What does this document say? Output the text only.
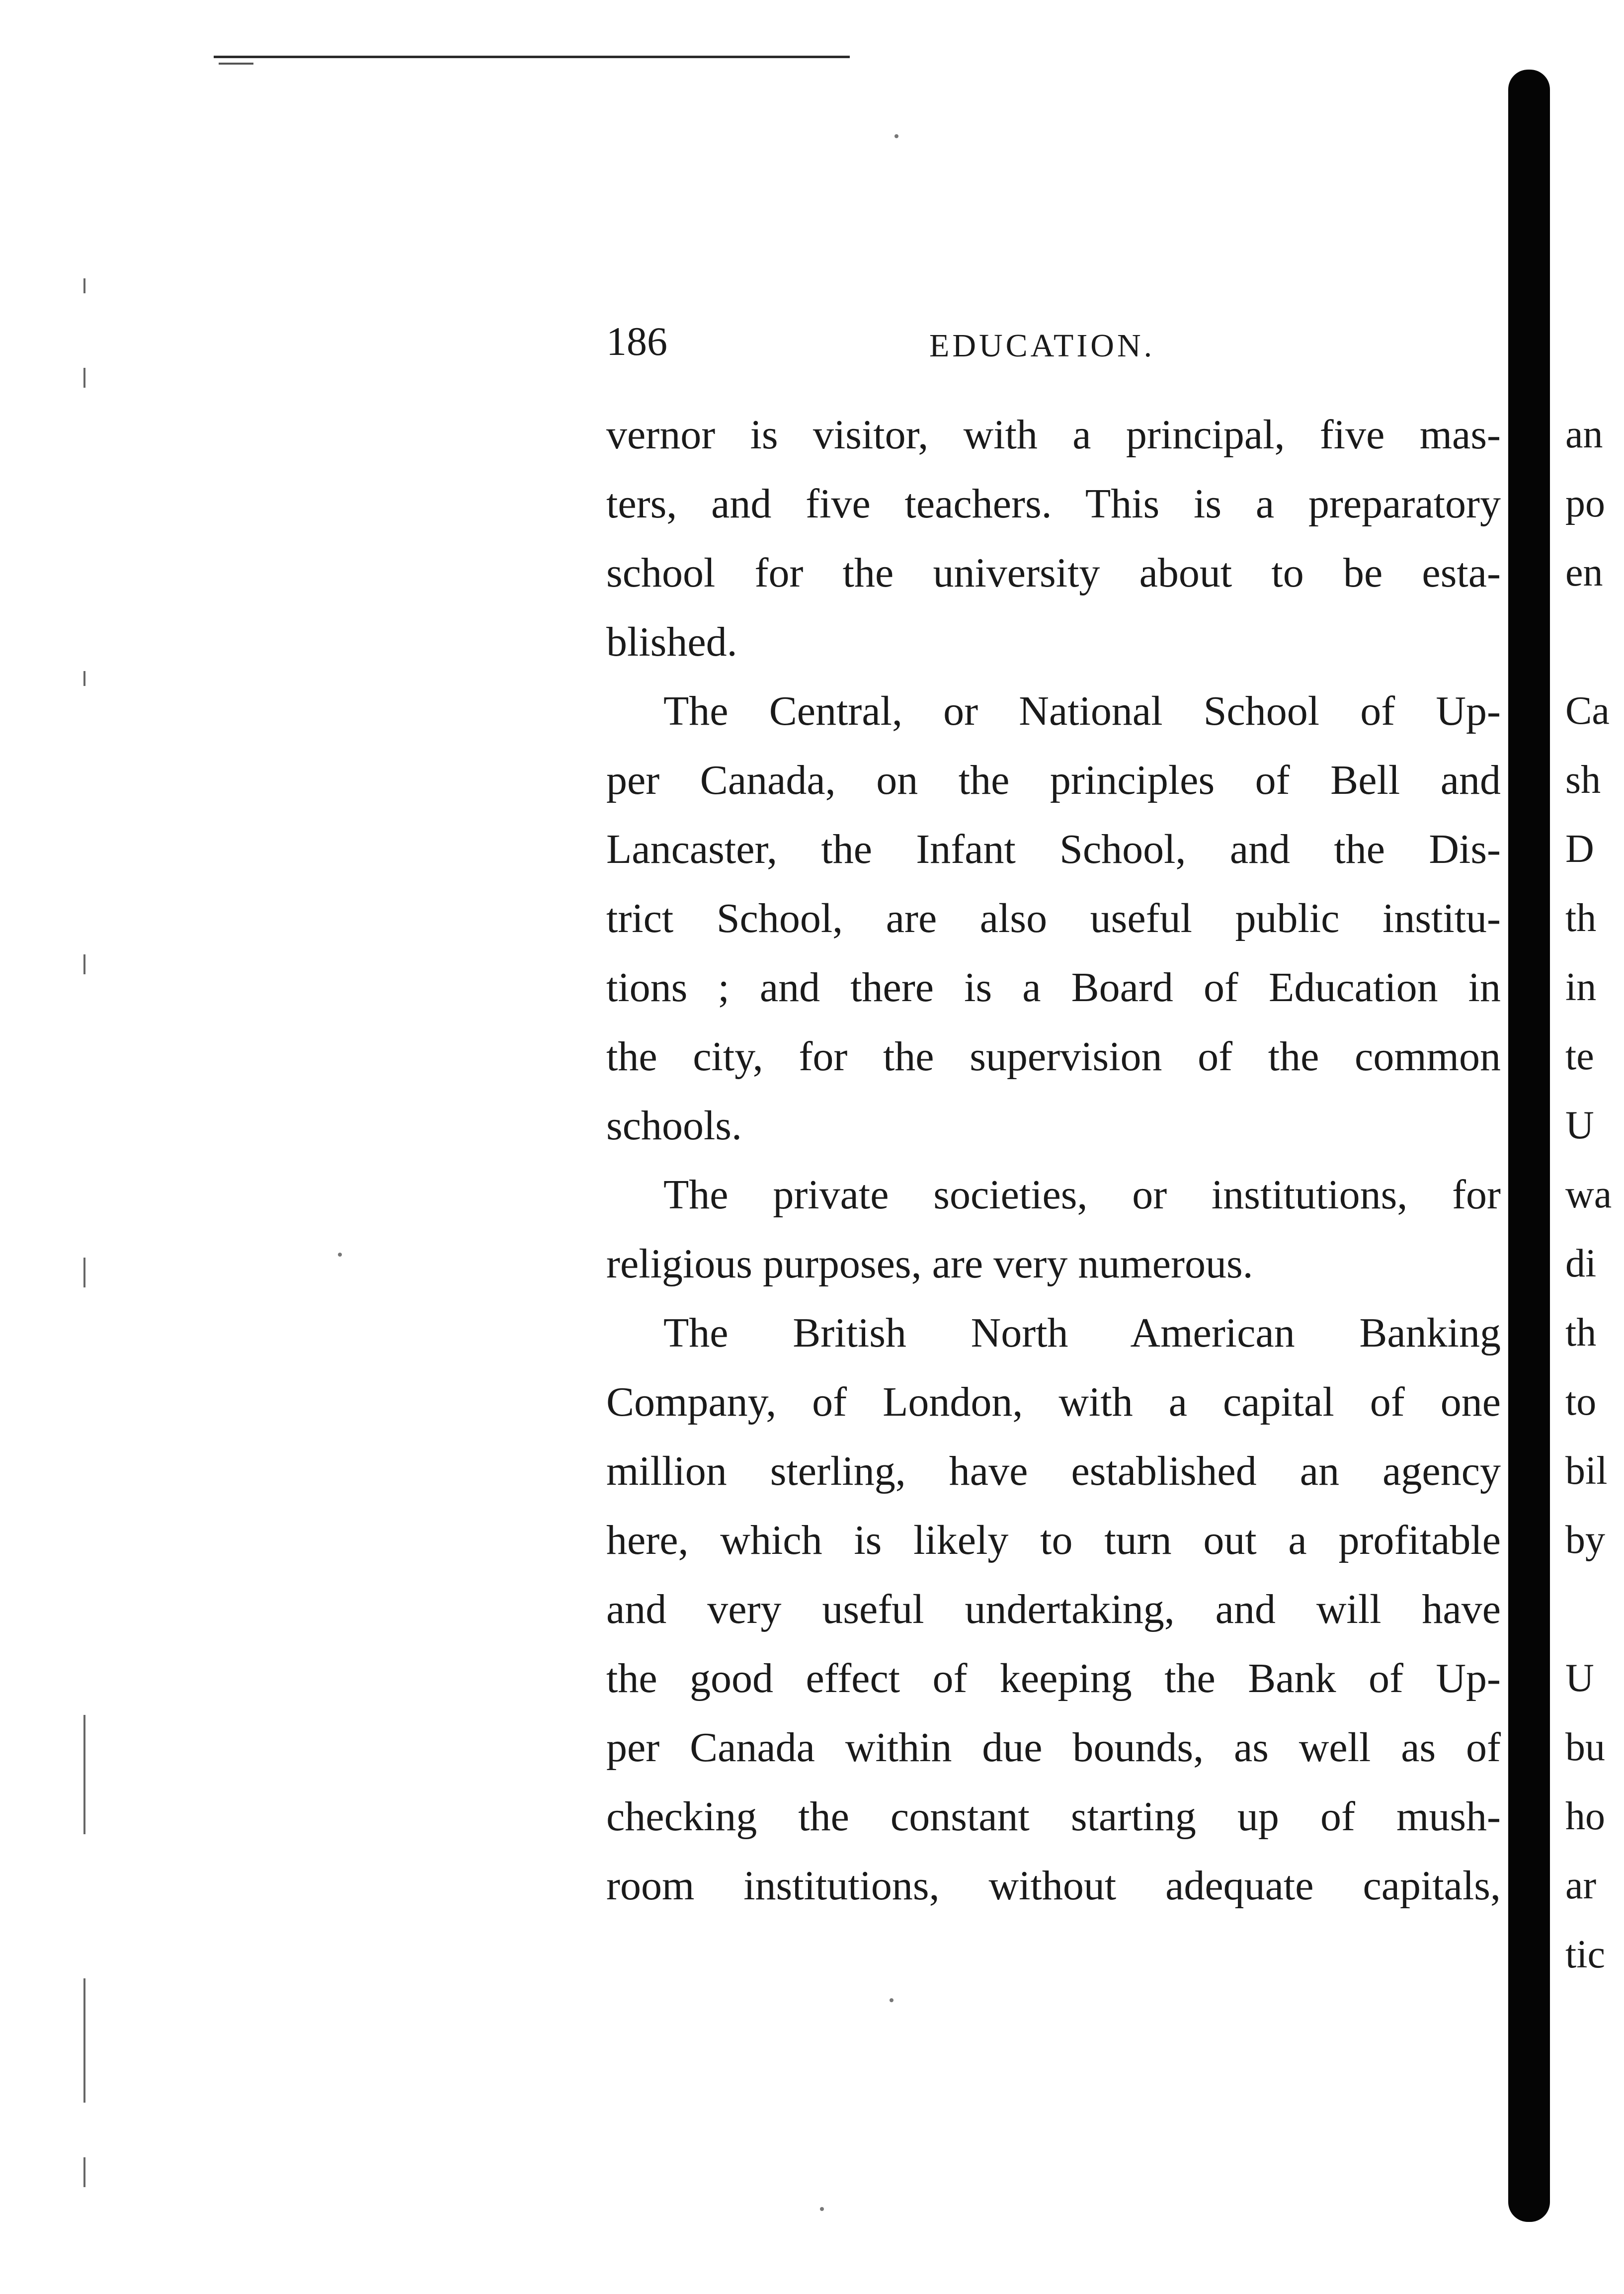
186	EDUCATION.
vernor is visitor, with a principal, five mas-
ters, and five teachers. This is a preparatory
school for the university about to be esta-
blished.
The Central, or National School of Up-
per Canada, on the principles of Bell and
Lancaster, the Infant School, and the Dis-
trict School, are also useful public institu-
tions ; and there is a Board of Education in
the city, for the supervision of the common
schools.
The private societies, or institutions, for
religious purposes, are very numerous.
The British North American Banking
Company, of London, with a capital of one
million sterling, have established an agency
here, which is likely to turn out a profitable
and very useful undertaking, and will have
the good effect of keeping the Bank of Up-
per Canada within due bounds, as well as of
checking the constant starting up of mush-
room institutions, without adequate capitals,
an
po
en
Ca
sh
D
th
in
te
U
wa
di
th
to
bil
by
U
bu
ho
ar
tic
